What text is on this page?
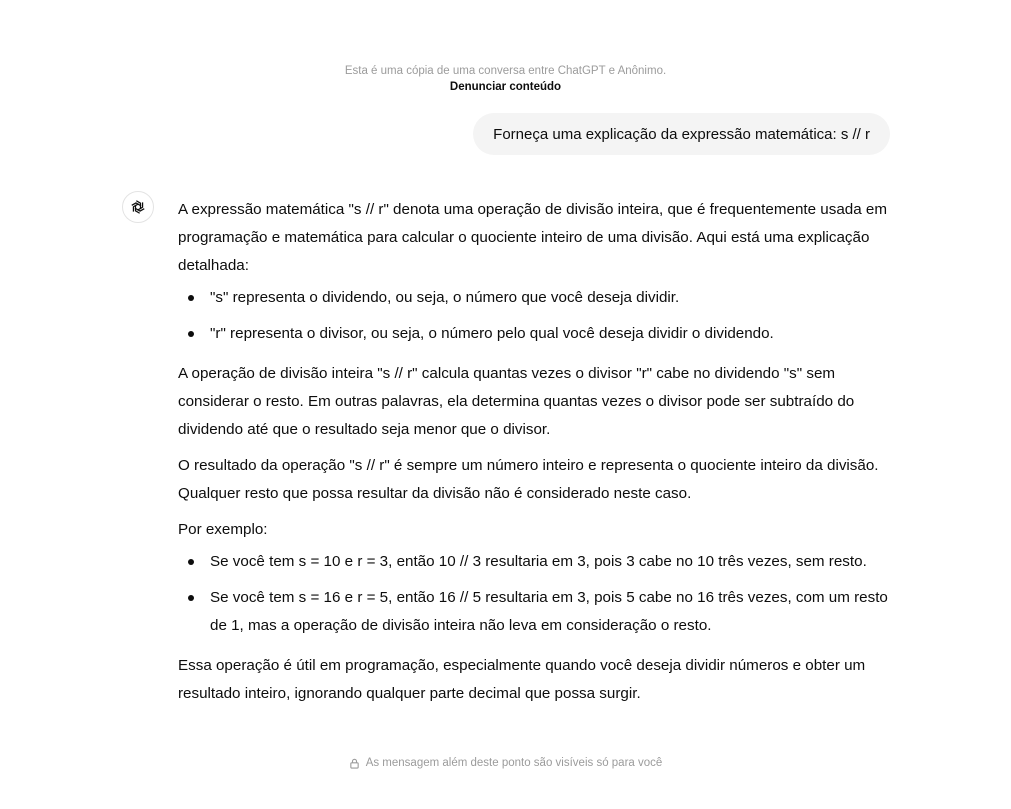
Esta é uma cópia de uma conversa entre ChatGPT e Anônimo.
Denunciar conteúdo
Forneça uma explicação da expressão matemática: s // r

A expressão matemática "s // r" denota uma operação de divisão inteira, que é frequentemente usada em programação e matemática para calcular o quociente inteiro de uma divisão. Aqui está uma explicação detalhada:

"s" representa o dividendo, ou seja, o número que você deseja dividir.
"r" representa o divisor, ou seja, o número pelo qual você deseja dividir o dividendo.

A operação de divisão inteira "s // r" calcula quantas vezes o divisor "r" cabe no dividendo "s" sem considerar o resto. Em outras palavras, ela determina quantas vezes o divisor pode ser subtraído do dividendo até que o resultado seja menor que o divisor.

O resultado da operação "s // r" é sempre um número inteiro e representa o quociente inteiro da divisão. Qualquer resto que possa resultar da divisão não é considerado neste caso.

Por exemplo:

Se você tem s = 10 e r = 3, então 10 // 3 resultaria em 3, pois 3 cabe no 10 três vezes, sem resto.
Se você tem s = 16 e r = 5, então 16 // 5 resultaria em 3, pois 5 cabe no 16 três vezes, com um resto de 1, mas a operação de divisão inteira não leva em consideração o resto.

Essa operação é útil em programação, especialmente quando você deseja dividir números e obter um resultado inteiro, ignorando qualquer parte decimal que possa surgir.

As mensagem além deste ponto são visíveis só para você
